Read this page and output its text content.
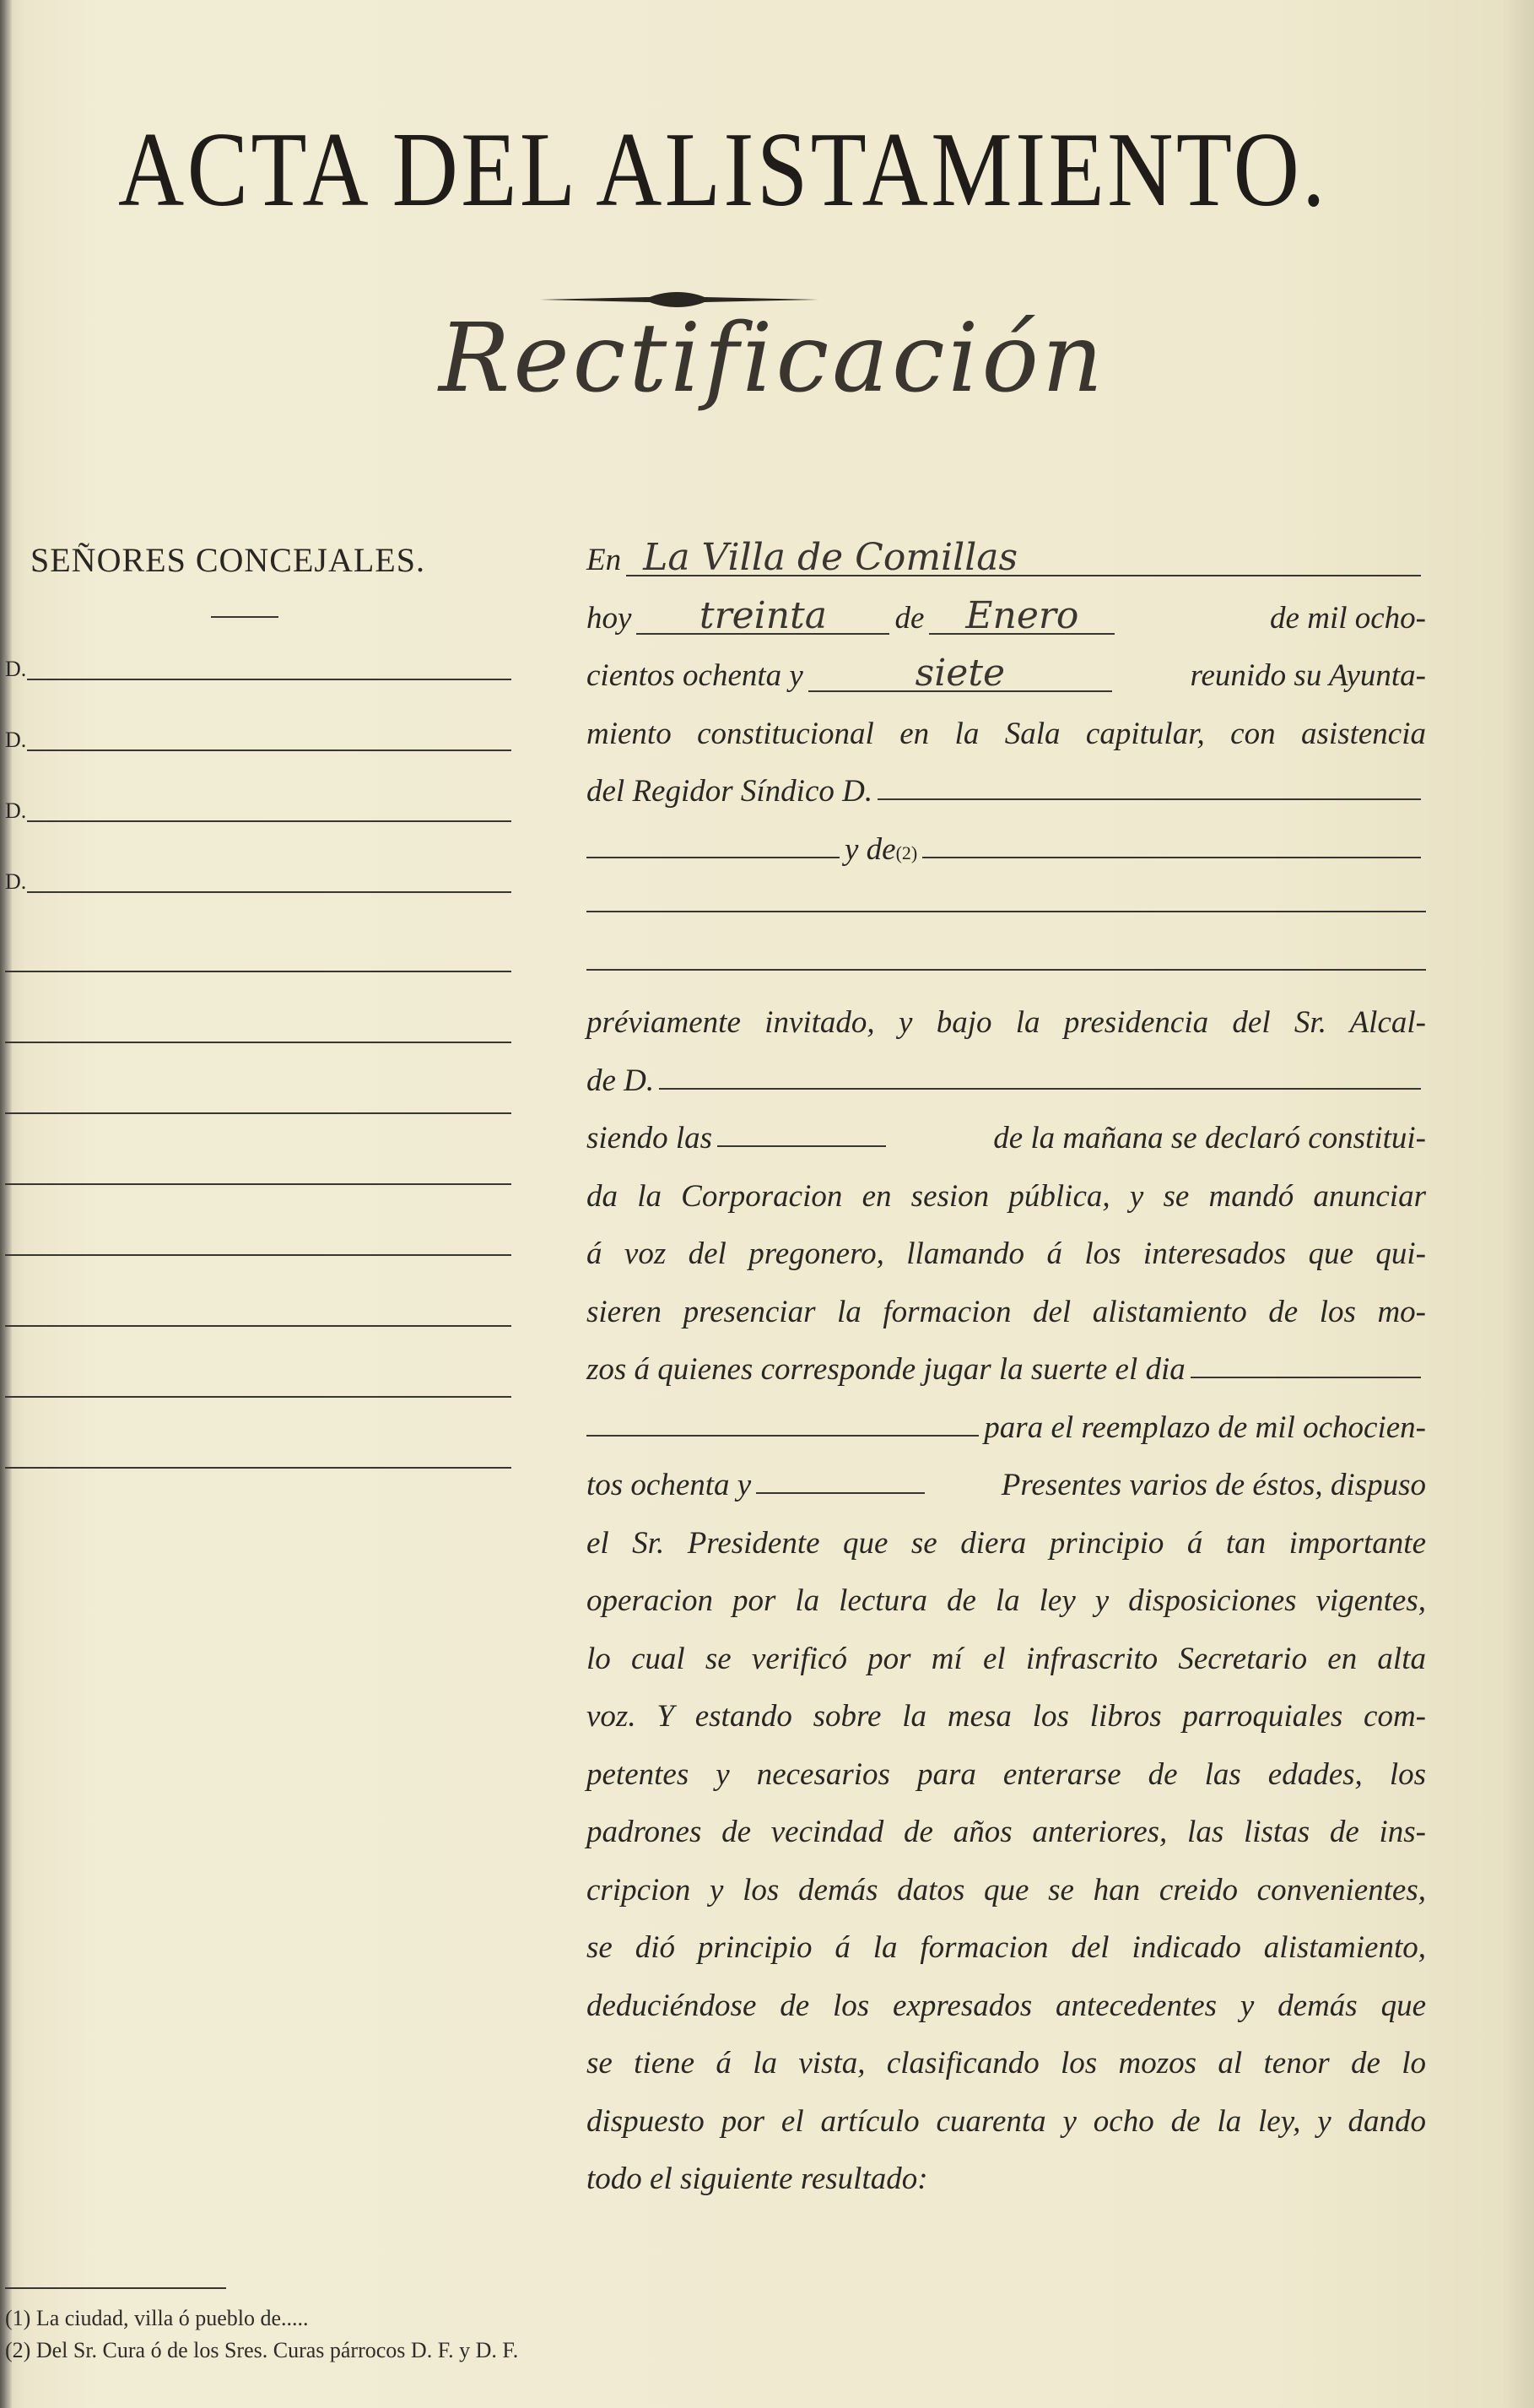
ACTA DEL ALISTAMIENTO.
Rectificación
SEÑORES CONCEJALES.
D.
D.
D.
D.
En La Villa de Comillas
hoy	treinta	de	Enero	de mil ocho-
cientos ochenta y	siete	reunido su Ayunta-
miento constitucional en la Sala capitular, con asistencia
del Regidor Síndico D.
y de (2)
préviamente invitado, y bajo la presidencia del Sr. Alcal-
de D.
siendo las	de la mañana se declaró constitui-
da la Corporacion en sesion pública, y se mandó anunciar
á voz del pregonero, llamando á los interesados que qui-
sieren presenciar la formacion del alistamiento de los mo-
zos á quienes corresponde jugar la suerte el dia
para el reemplazo de mil ochocien-
tos ochenta y	Presentes varios de éstos, dispuso
el Sr. Presidente que se diera principio á tan importante
operacion por la lectura de la ley y disposiciones vigentes,
lo cual se verificó por mí el infrascrito Secretario en alta
voz. Y estando sobre la mesa los libros parroquiales com-
petentes y necesarios para enterarse de las edades, los
padrones de vecindad de años anteriores, las listas de ins-
cripcion y los demás datos que se han creido convenientes,
se dió principio á la formacion del indicado alistamiento,
deduciéndose de los expresados antecedentes y demás que
se tiene á la vista, clasificando los mozos al tenor de lo
dispuesto por el artículo cuarenta y ocho de la ley, y dando
todo el siguiente resultado:
(1) La ciudad, villa ó pueblo de.....
(2) Del Sr. Cura ó de los Sres. Curas párrocos D. F. y D. F.
